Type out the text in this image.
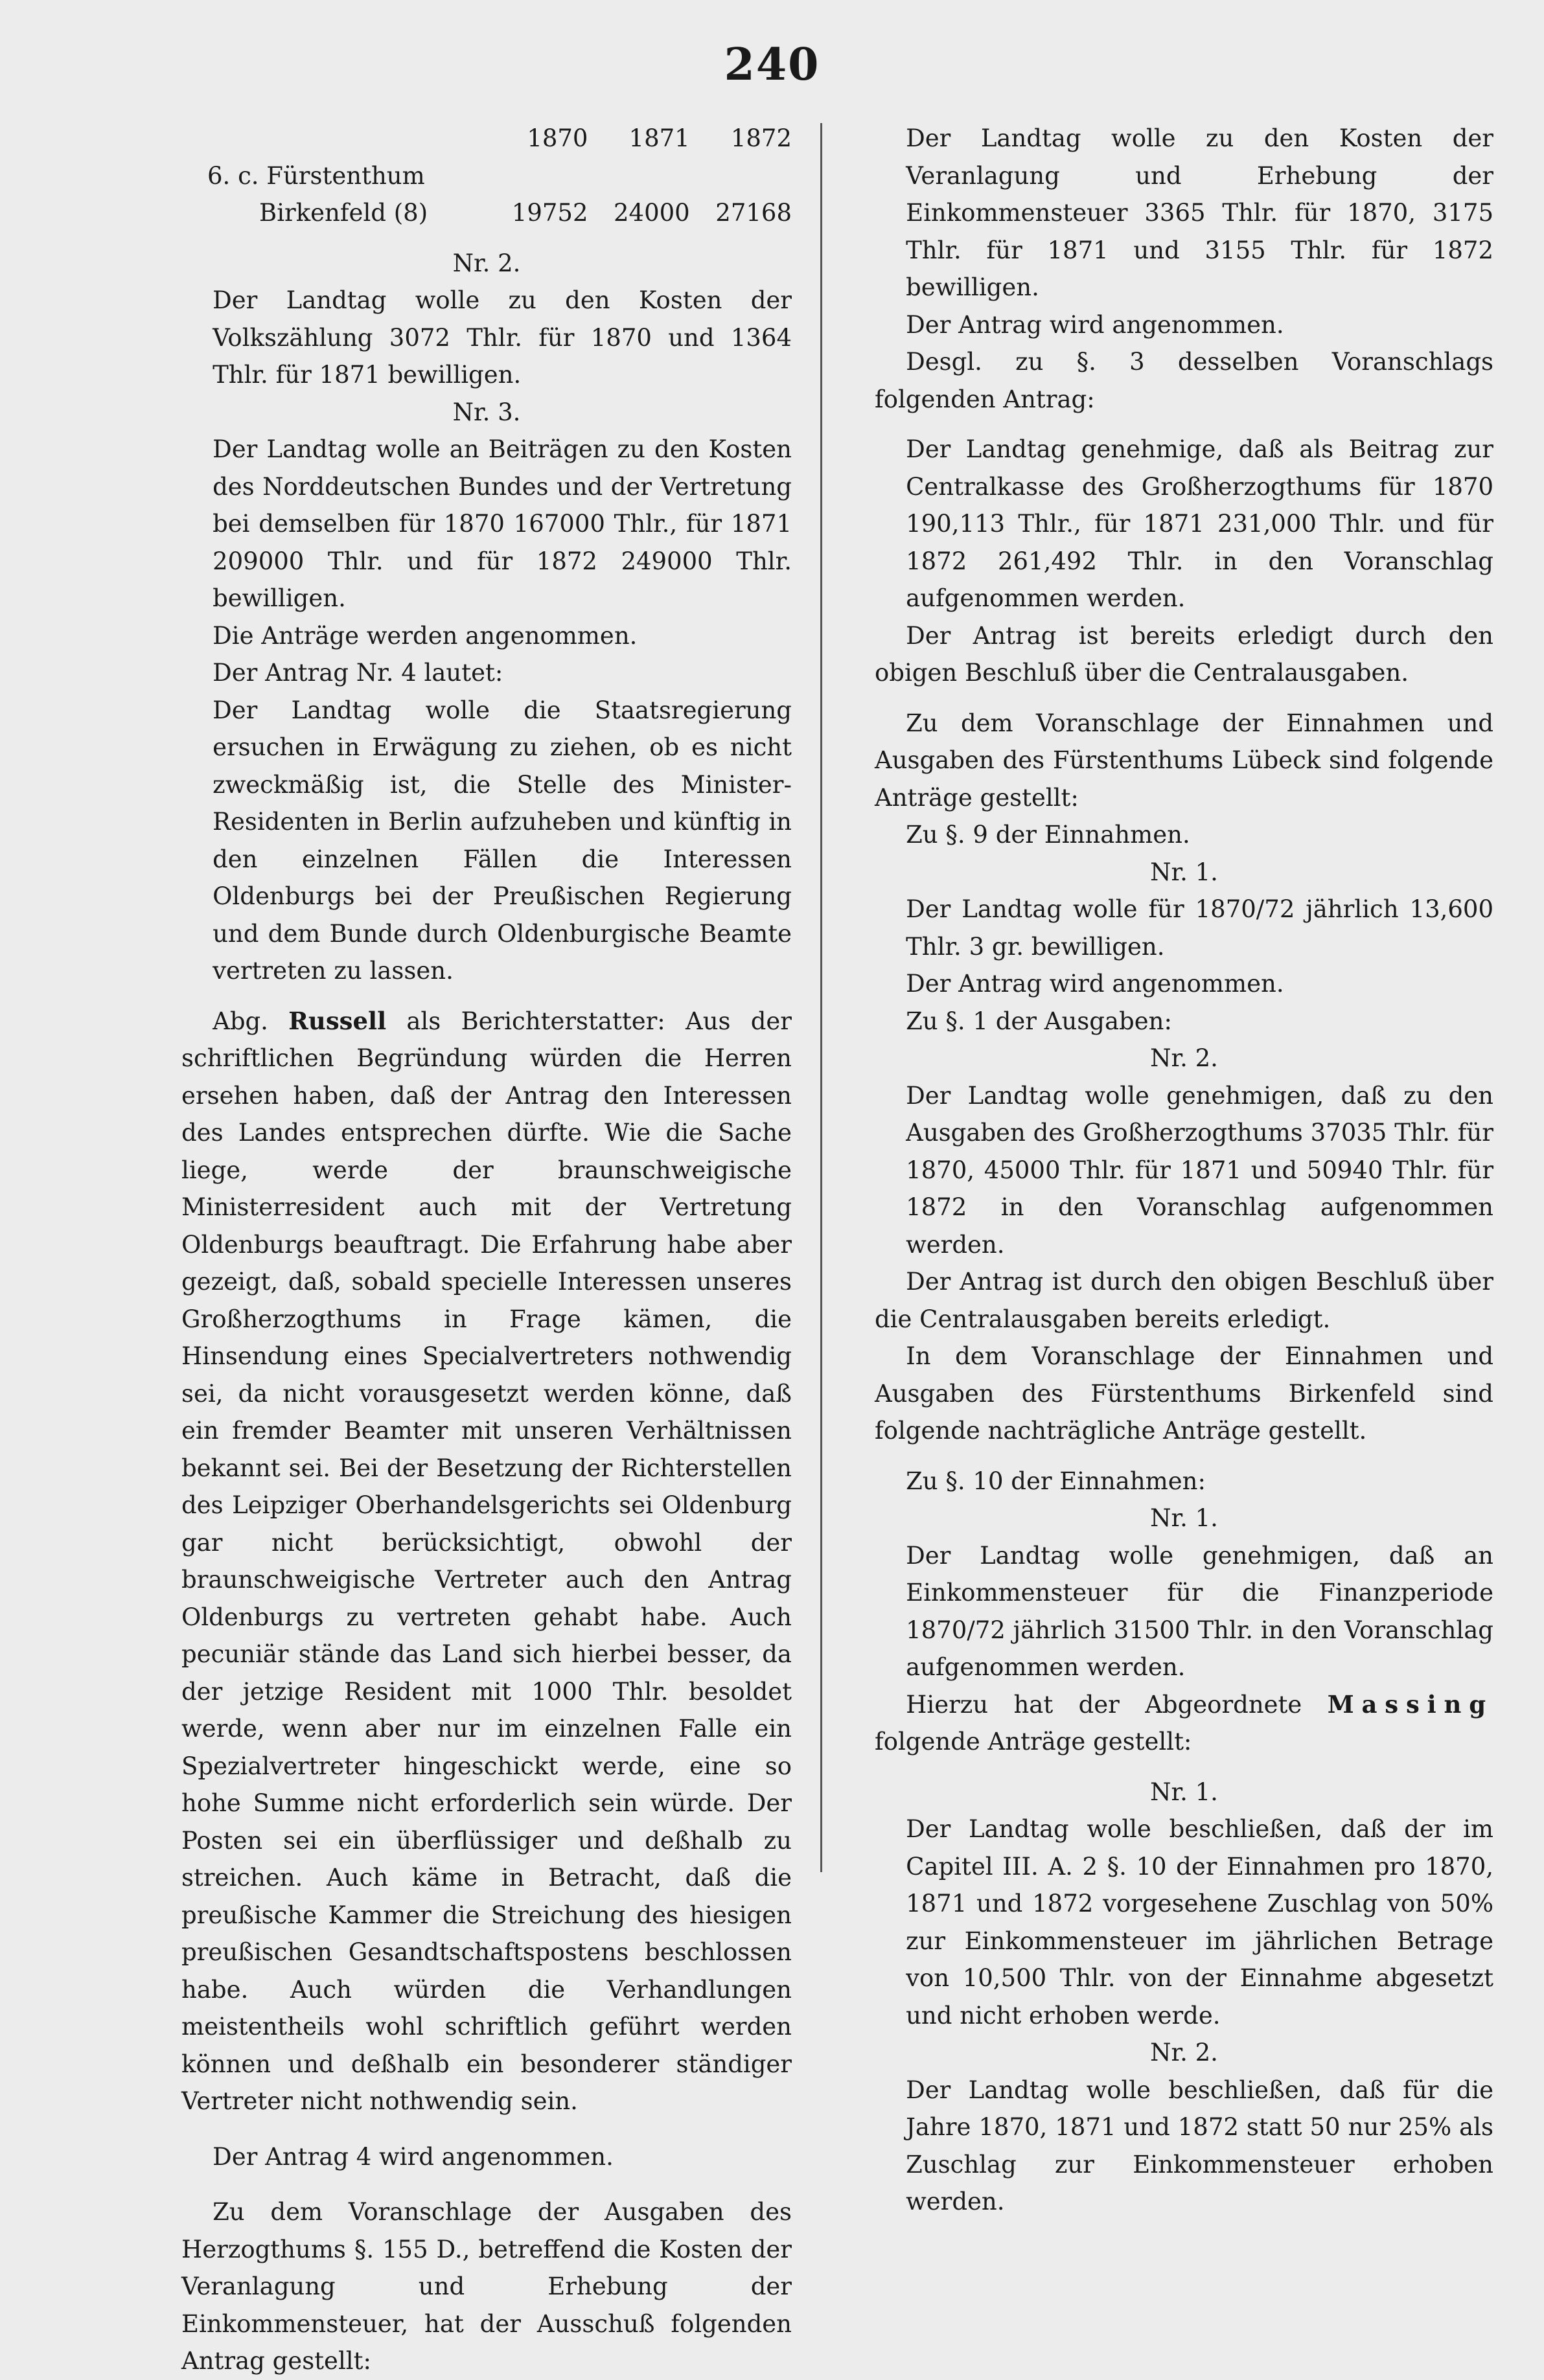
240
	1870	1871	1872
6. c. Fürstenthum			
Birkenfeld (8)	19752	24000	27168

Nr. 2.

Der Landtag wolle zu den Kosten der Volkszählung 3072 Thlr. für 1870 und 1364 Thlr. für 1871 bewilligen.

Nr. 3.

Der Landtag wolle an Beiträgen zu den Kosten des Norddeutschen Bundes und der Vertretung bei demselben für 1870 167000 Thlr., für 1871 209000 Thlr. und für 1872 249000 Thlr. bewilligen.

Die Anträge werden angenommen.

Der Antrag Nr. 4 lautet:

Der Landtag wolle die Staatsregierung ersuchen in Erwägung zu ziehen, ob es nicht zweckmäßig ist, die Stelle des Minister-Residenten in Berlin aufzuheben und künftig in den einzelnen Fällen die Interessen Oldenburgs bei der Preußischen Regierung und dem Bunde durch Oldenburgische Beamte vertreten zu lassen.

Abg. Russell als Berichterstatter: Aus der schriftlichen Begründung würden die Herren ersehen haben, daß der Antrag den Interessen des Landes entsprechen dürfte. Wie die Sache liege, werde der braunschweigische Ministerresident auch mit der Vertretung Oldenburgs beauftragt. Die Erfahrung habe aber gezeigt, daß, sobald specielle Interessen unseres Großherzogthums in Frage kämen, die Hinsendung eines Specialvertreters nothwendig sei, da nicht vorausgesetzt werden könne, daß ein fremder Beamter mit unseren Verhältnissen bekannt sei. Bei der Besetzung der Richterstellen des Leipziger Oberhandelsgerichts sei Oldenburg gar nicht berücksichtigt, obwohl der braunschweigische Vertreter auch den Antrag Oldenburgs zu vertreten gehabt habe. Auch pecuniär stände das Land sich hierbei besser, da der jetzige Resident mit 1000 Thlr. besoldet werde, wenn aber nur im einzelnen Falle ein Spezialvertreter hingeschickt werde, eine so hohe Summe nicht erforderlich sein würde. Der Posten sei ein überflüssiger und deßhalb zu streichen. Auch käme in Betracht, daß die preußische Kammer die Streichung des hiesigen preußischen Gesandtschaftspostens beschlossen habe. Auch würden die Verhandlungen meistentheils wohl schriftlich geführt werden können und deßhalb ein besonderer ständiger Vertreter nicht nothwendig sein.

Der Antrag 4 wird angenommen.

Zu dem Voranschlage der Ausgaben des Herzogthums §. 155 D., betreffend die Kosten der Veranlagung und Erhebung der Einkommensteuer, hat der Ausschuß folgenden Antrag gestellt:

Der Landtag wolle zu den Kosten der Veranlagung und Erhebung der Einkommensteuer 3365 Thlr. für 1870, 3175 Thlr. für 1871 und 3155 Thlr. für 1872 bewilligen.

Der Antrag wird angenommen.

Desgl. zu §. 3 desselben Voranschlags folgenden Antrag:

Der Landtag genehmige, daß als Beitrag zur Centralkasse des Großherzogthums für 1870 190,113 Thlr., für 1871 231,000 Thlr. und für 1872 261,492 Thlr. in den Voranschlag aufgenommen werden.

Der Antrag ist bereits erledigt durch den obigen Beschluß über die Centralausgaben.

Zu dem Voranschlage der Einnahmen und Ausgaben des Fürstenthums Lübeck sind folgende Anträge gestellt:

Zu §. 9 der Einnahmen.

Nr. 1.

Der Landtag wolle für 1870/72 jährlich 13,600 Thlr. 3 gr. bewilligen.

Der Antrag wird angenommen.

Zu §. 1 der Ausgaben:

Nr. 2.

Der Landtag wolle genehmigen, daß zu den Ausgaben des Großherzogthums 37035 Thlr. für 1870, 45000 Thlr. für 1871 und 50940 Thlr. für 1872 in den Voranschlag aufgenommen werden.

Der Antrag ist durch den obigen Beschluß über die Centralausgaben bereits erledigt.

In dem Voranschlage der Einnahmen und Ausgaben des Fürstenthums Birkenfeld sind folgende nachträgliche Anträge gestellt.

Zu §. 10 der Einnahmen:

Nr. 1.

Der Landtag wolle genehmigen, daß an Einkommensteuer für die Finanzperiode 1870/72 jährlich 31500 Thlr. in den Voranschlag aufgenommen werden.

Hierzu hat der Abgeordnete Massing folgende Anträge gestellt:

Nr. 1.

Der Landtag wolle beschließen, daß der im Capitel III. A. 2 §. 10 der Einnahmen pro 1870, 1871 und 1872 vorgesehene Zuschlag von 50% zur Einkommensteuer im jährlichen Betrage von 10,500 Thlr. von der Einnahme abgesetzt und nicht erhoben werde.

Nr. 2.

Der Landtag wolle beschließen, daß für die Jahre 1870, 1871 und 1872 statt 50 nur 25% als Zuschlag zur Einkommensteuer erhoben werden.
